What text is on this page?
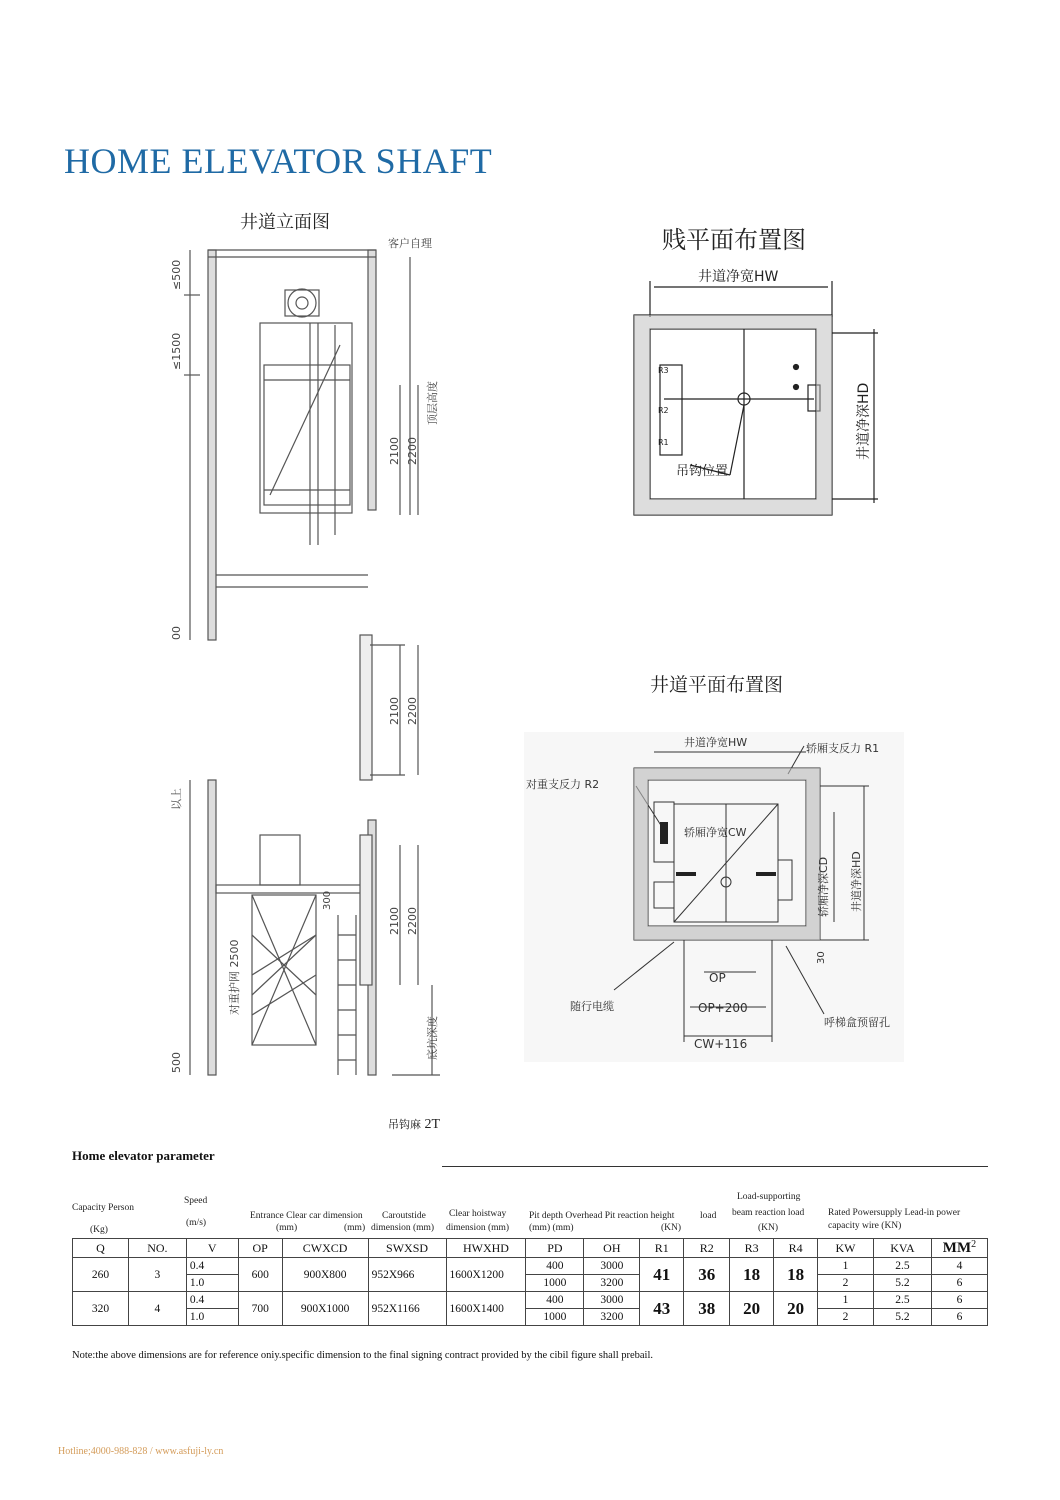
HOME ELEVATOR SHAFT
井道立面图
贱平面布置图
井道平面布置图
≤500
≤1500
客户自理
顶层高度
2100 2200
2100 2200
2100 2200
00
以上
对重护网 2500
底坑深度
500
300
井道净宽HW
井道净深HD
吊钩位置
R3
R2
R1
井道净宽HW	轿厢支反力 R1
对重支反力 R2
轿厢净宽CW
轿厢净深CD 井道净深HD
30
OP
OP+200
CW+116
随行电缆
呼梯盒预留孔
吊钩麻 2T
Home elevator parameter
Capacity Person
(Kg)
Speed
(m/s)
Entrance Clear car dimension
(mm)	(mm)
Caroutstide
dimension (mm)
Clear hoistway
dimension (mm)
Pit depth Overhead Pit reaction height
(mm) (mm)	(KN)
load
Load-supporting
beam reaction load
(KN)
Rated Powersupply Lead-in power
capacity wire (KN)
Q	NO.	V	OP	CWXCD	SWXSD	HWXHD	PD	OH	R1	R2	R3	R4	KW	KVA	$MM^2$
260	3	0.4	600	900X800	952X966	1600X1200	400	3000	41	36	18	18	1	2.5	4
		1.0					1000	3200					2	5.2	6
320	4	0.4	700	900X1000	952X1166	1600X1400	400	3000	43	38	20	20	1	2.5	6
		1.0					1000	3200					2	5.2	6
Note:the above dimensions are for reference oniy.specific dimension to the final signing contract provided by the cibil figure shall prebail.
Hotline;4000-988-828 / www.asfuji-ly.cn
